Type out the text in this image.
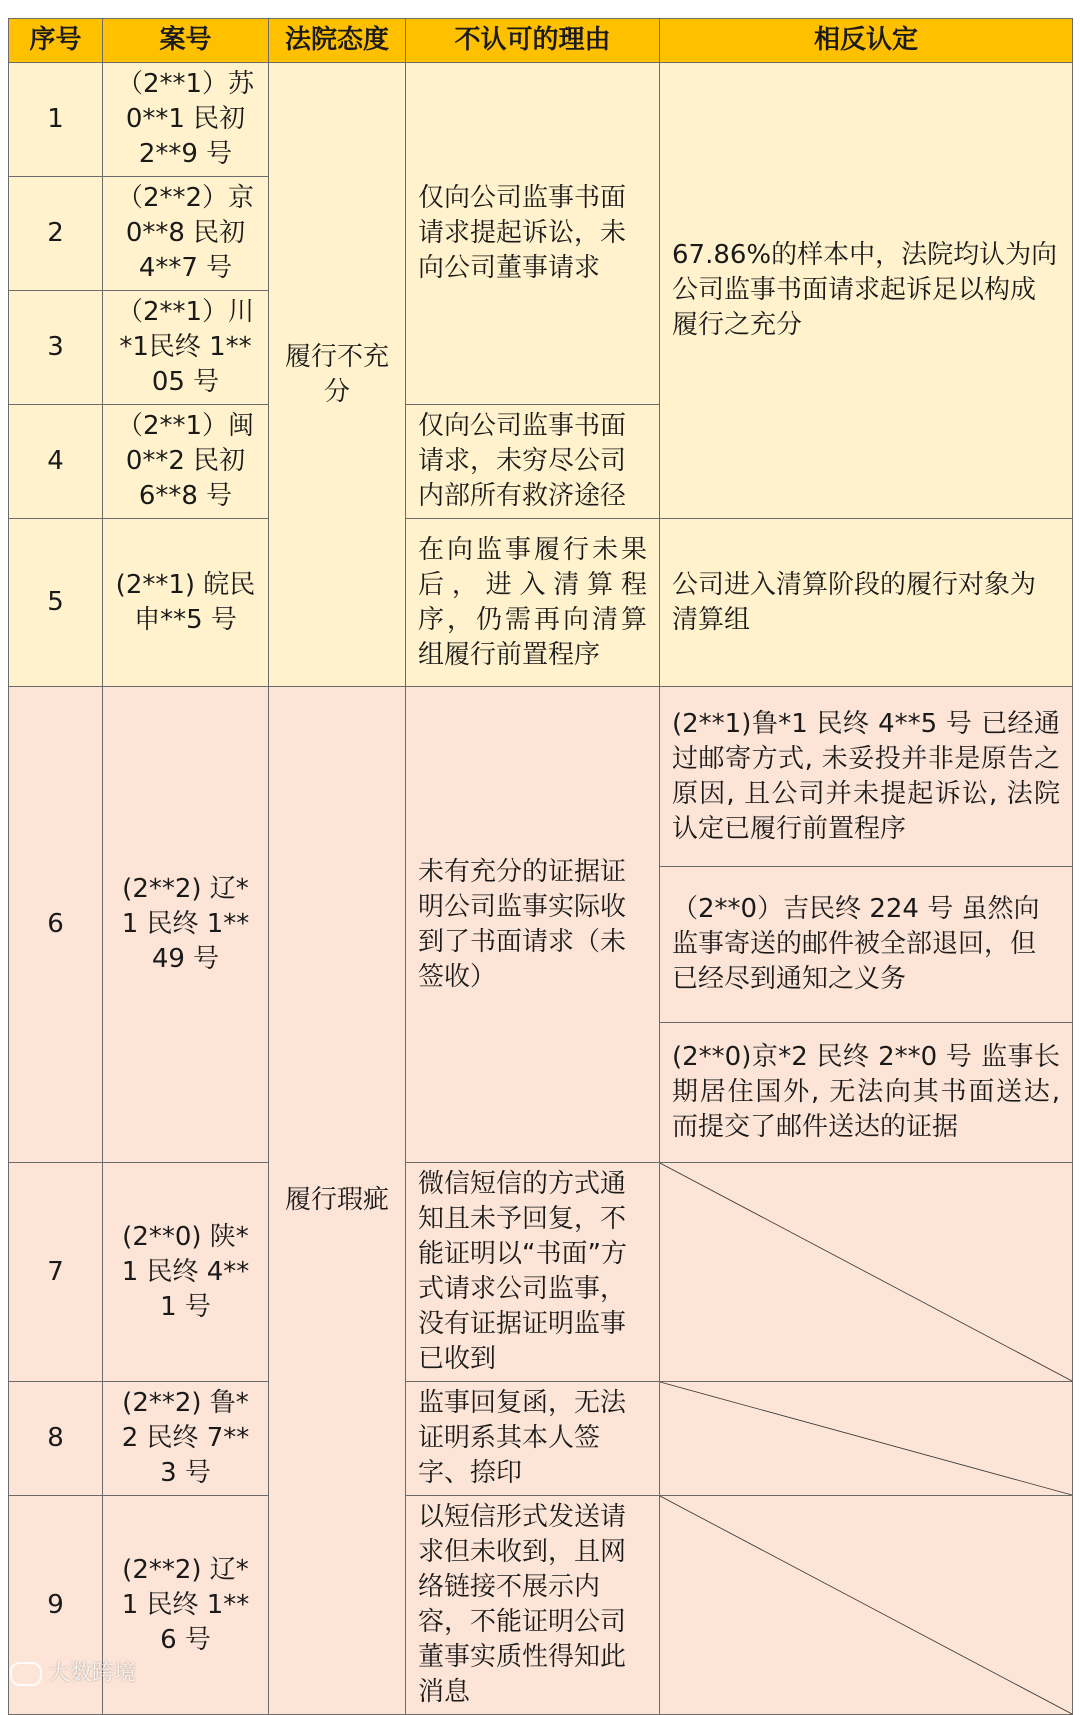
序号	案号	法院态度	不认可的理由	相反认定
1	（2**1）苏0**1 民初 2**9 号	履行不充分	仅向公司监事书面请求提起诉讼，未向公司董事请求	67.86%的样本中，法院均认为向公司监事书面请求起诉足以构成履行之充分
2	（2**2）京0**8 民初 4**7 号			
3	（2**1）川*1民终 1**05 号			
4	（2**1）闽0**2 民初 6**8 号		仅向公司监事书面请求，未穷尽公司内部所有救济途径	
5	(2**1) 皖民申**5 号		在向监事履行未果后，进入清算程序，仍需再向清算组履行前置程序	公司进入清算阶段的履行对象为清算组
6	(2**2) 辽*1 民终 1**49 号	履行瑕疵	未有充分的证据证明公司监事实际收到了书面请求（未签收）	(2**1)鲁*1 民终 4**5 号 已经通过邮寄方式, 未妥投并非是原告之原因, 且公司并未提起诉讼, 法院认定已履行前置程序
				（2**0）吉民终 224 号 虽然向监事寄送的邮件被全部退回，但已经尽到通知之义务
				(2**0)京*2 民终 2**0 号 监事长期居住国外, 无法向其书面送达, 而提交了邮件送达的证据
7	(2**0) 陕*1 民终 4**1 号		微信短信的方式通知且未予回复，不能证明以“书面”方式请求公司监事，没有证据证明监事已收到	

8	(2**2) 鲁*2 民终 7**3 号		监事回复函，无法证明系其本人签字、捺印	

9	(2**2) 辽*1 民终 1**6 号		以短信形式发送请求但未收到，且网络链接不展示内容，不能证明公司董事实质性得知此消息	
大数跨境
